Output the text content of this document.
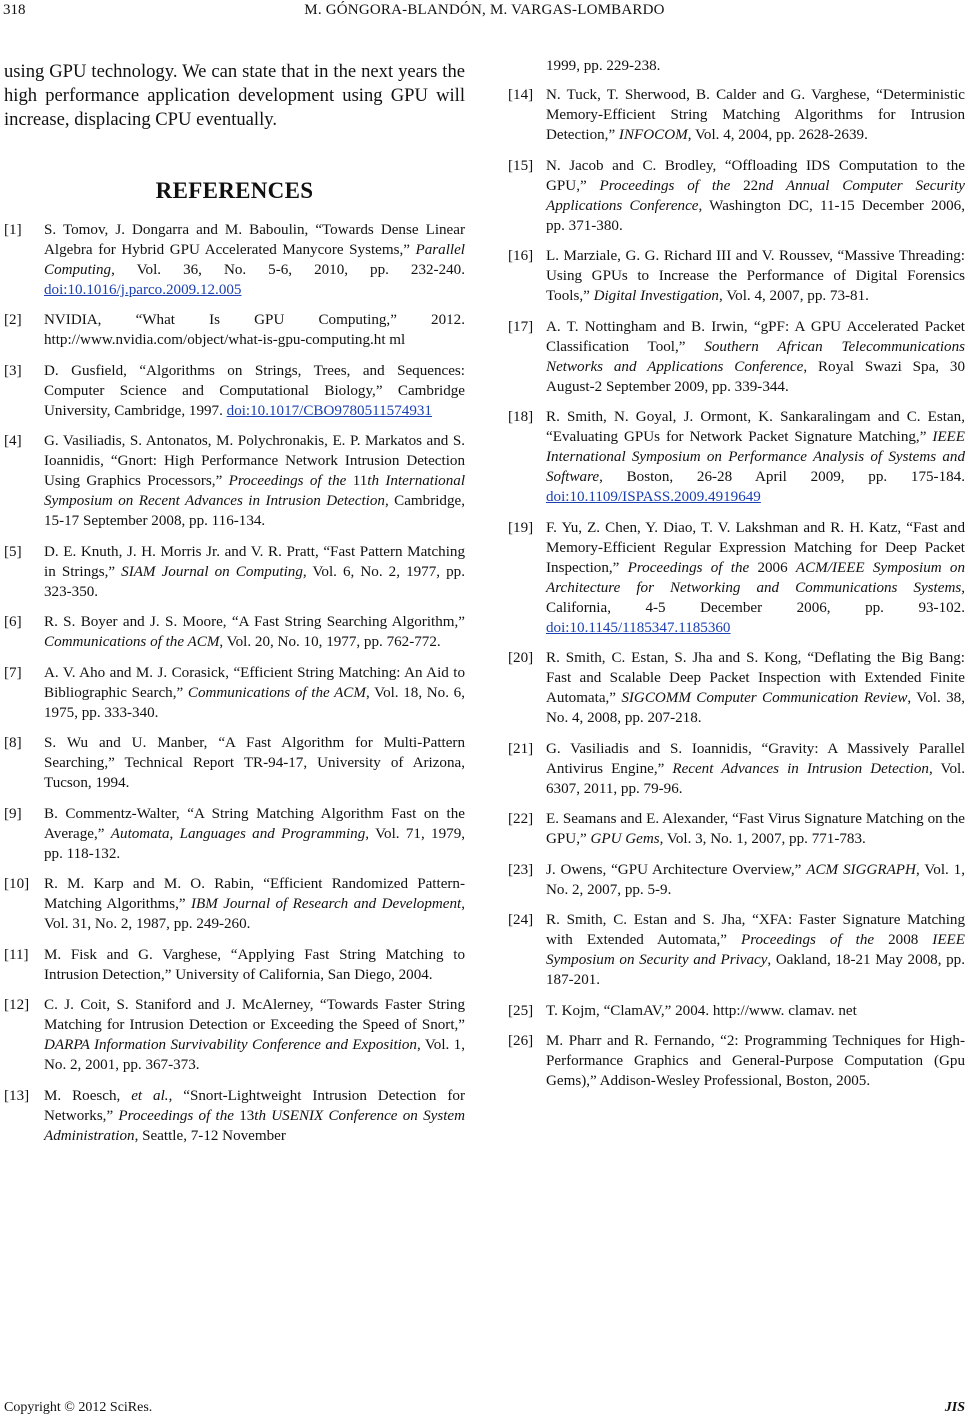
318	M. GÓNGORA-BLANDÓN, M. VARGAS-LOMBARDO

using GPU technology. We can state that in the next years the high performance application development using GPU will increase, displacing CPU eventually.

REFERENCES
[1] S. Tomov, J. Dongarra and M. Baboulin, “Towards Dense Linear Algebra for Hybrid GPU Accelerated Manycore Systems,” Parallel Computing, Vol. 36, No. 5-6, 2010, pp. 232-240. doi:10.1016/j.parco.2009.12.005
[2] NVIDIA, “What Is GPU Computing,” 2012. http://www.nvidia.com/object/what-is-gpu-computing.ht ml
[3] D. Gusfield, “Algorithms on Strings, Trees, and Sequences: Computer Science and Computational Biology,” Cambridge University, Cambridge, 1997. doi:10.1017/CBO9780511574931
[4] G. Vasiliadis, S. Antonatos, M. Polychronakis, E. P. Markatos and S. Ioannidis, “Gnort: High Performance Network Intrusion Detection Using Graphics Processors,” Proceedings of the 11th International Symposium on Recent Advances in Intrusion Detection, Cambridge, 15-17 September 2008, pp. 116-134.
[5] D. E. Knuth, J. H. Morris Jr. and V. R. Pratt, “Fast Pattern Matching in Strings,” SIAM Journal on Computing, Vol. 6, No. 2, 1977, pp. 323-350.
[6] R. S. Boyer and J. S. Moore, “A Fast String Searching Algorithm,” Communications of the ACM, Vol. 20, No. 10, 1977, pp. 762-772.
[7] A. V. Aho and M. J. Corasick, “Efficient String Matching: An Aid to Bibliographic Search,” Communications of the ACM, Vol. 18, No. 6, 1975, pp. 333-340.
[8] S. Wu and U. Manber, “A Fast Algorithm for Multi-Pattern Searching,” Technical Report TR-94-17, University of Arizona, Tucson, 1994.
[9] B. Commentz-Walter, “A String Matching Algorithm Fast on the Average,” Automata, Languages and Programming, Vol. 71, 1979, pp. 118-132.
[10] R. M. Karp and M. O. Rabin, “Efficient Randomized Pattern-Matching Algorithms,” IBM Journal of Research and Development, Vol. 31, No. 2, 1987, pp. 249-260.
[11] M. Fisk and G. Varghese, “Applying Fast String Matching to Intrusion Detection,” University of California, San Diego, 2004.
[12] C. J. Coit, S. Staniford and J. McAlerney, “Towards Faster String Matching for Intrusion Detection or Exceeding the Speed of Snort,” DARPA Information Survivability Conference and Exposition, Vol. 1, No. 2, 2001, pp. 367-373.
[13] M. Roesch, et al., “Snort-Lightweight Intrusion Detection for Networks,” Proceedings of the 13th USENIX Conference on System Administration, Seattle, 7-12 November
1999, pp. 229-238.
[14] N. Tuck, T. Sherwood, B. Calder and G. Varghese, “Deterministic Memory-Efficient String Matching Algorithms for Intrusion Detection,” INFOCOM, Vol. 4, 2004, pp. 2628-2639.
[15] N. Jacob and C. Brodley, “Offloading IDS Computation to the GPU,” Proceedings of the 22nd Annual Computer Security Applications Conference, Washington DC, 11-15 December 2006, pp. 371-380.
[16] L. Marziale, G. G. Richard III and V. Roussev, “Massive Threading: Using GPUs to Increase the Performance of Digital Forensics Tools,” Digital Investigation, Vol. 4, 2007, pp. 73-81.
[17] A. T. Nottingham and B. Irwin, “gPF: A GPU Accelerated Packet Classification Tool,” Southern African Telecommunications Networks and Applications Conference, Royal Swazi Spa, 30 August-2 September 2009, pp. 339-344.
[18] R. Smith, N. Goyal, J. Ormont, K. Sankaralingam and C. Estan, “Evaluating GPUs for Network Packet Signature Matching,” IEEE International Symposium on Performance Analysis of Systems and Software, Boston, 26-28 April 2009, pp. 175-184. doi:10.1109/ISPASS.2009.4919649
[19] F. Yu, Z. Chen, Y. Diao, T. V. Lakshman and R. H. Katz, “Fast and Memory-Efficient Regular Expression Matching for Deep Packet Inspection,” Proceedings of the 2006 ACM/IEEE Symposium on Architecture for Networking and Communications Systems, California, 4-5 December 2006, pp. 93-102. doi:10.1145/1185347.1185360
[20] R. Smith, C. Estan, S. Jha and S. Kong, “Deflating the Big Bang: Fast and Scalable Deep Packet Inspection with Extended Finite Automata,” SIGCOMM Computer Communication Review, Vol. 38, No. 4, 2008, pp. 207-218.
[21] G. Vasiliadis and S. Ioannidis, “Gravity: A Massively Parallel Antivirus Engine,” Recent Advances in Intrusion Detection, Vol. 6307, 2011, pp. 79-96.
[22] E. Seamans and E. Alexander, “Fast Virus Signature Matching on the GPU,” GPU Gems, Vol. 3, No. 1, 2007, pp. 771-783.
[23] J. Owens, “GPU Architecture Overview,” ACM SIGGRAPH, Vol. 1, No. 2, 2007, pp. 5-9.
[24] R. Smith, C. Estan and S. Jha, “XFA: Faster Signature Matching with Extended Automata,” Proceedings of the 2008 IEEE Symposium on Security and Privacy, Oakland, 18-21 May 2008, pp. 187-201.
[25] T. Kojm, “ClamAV,” 2004. http://www. clamav. net
[26] M. Pharr and R. Fernando, “2: Programming Techniques for High-Performance Graphics and General-Purpose Computation (Gpu Gems),” Addison-Wesley Professional, Boston, 2005.
Copyright © 2012 SciRes.	JIS
